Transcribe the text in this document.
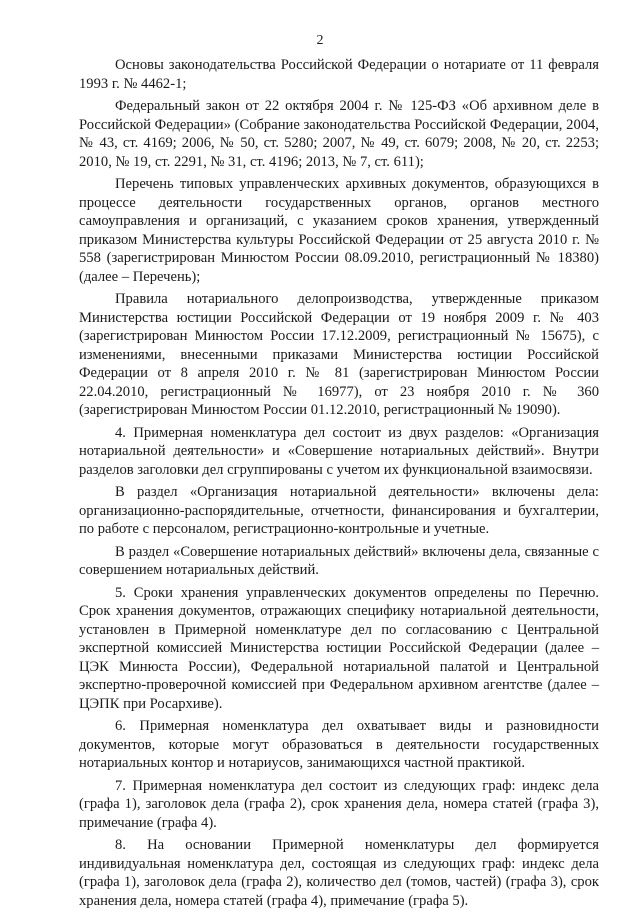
2

Основы законодательства Российской Федерации о нотариате от 11 февраля 1993 г. № 4462-1;

Федеральный закон от 22 октября 2004 г. № 125-ФЗ «Об архивном деле в Российской Федерации» (Собрание законодательства Российской Федерации, 2004, № 43, ст. 4169; 2006, № 50, ст. 5280; 2007, № 49, ст. 6079; 2008, № 20, ст. 2253; 2010, № 19, ст. 2291, № 31, ст. 4196; 2013, № 7, ст. 611);

Перечень типовых управленческих архивных документов, образующихся в процессе деятельности государственных органов, органов местного самоуправления и организаций, с указанием сроков хранения, утвержденный приказом Министерства культуры Российской Федерации от 25 августа 2010 г. № 558 (зарегистрирован Минюстом России 08.09.2010, регистрационный № 18380) (далее – Перечень);

Правила нотариального делопроизводства, утвержденные приказом Министерства юстиции Российской Федерации от 19 ноября 2009 г. № 403 (зарегистрирован Минюстом России 17.12.2009, регистрационный № 15675), с изменениями, внесенными приказами Министерства юстиции Российской Федерации от 8 апреля 2010 г. № 81 (зарегистрирован Минюстом России 22.04.2010, регистрационный № 16977), от 23 ноября 2010 г. № 360 (зарегистрирован Минюстом России 01.12.2010, регистрационный № 19090).

4. Примерная номенклатура дел состоит из двух разделов: «Организация нотариальной деятельности» и «Совершение нотариальных действий». Внутри разделов заголовки дел сгруппированы с учетом их функциональной взаимосвязи.

В раздел «Организация нотариальной деятельности» включены дела: организационно-распорядительные, отчетности, финансирования и бухгалтерии, по работе с персоналом, регистрационно-контрольные и учетные.

В раздел «Совершение нотариальных действий» включены дела, связанные с совершением нотариальных действий.

5. Сроки хранения управленческих документов определены по Перечню. Срок хранения документов, отражающих специфику нотариальной деятельности, установлен в Примерной номенклатуре дел по согласованию с Центральной экспертной комиссией Министерства юстиции Российской Федерации (далее – ЦЭК Минюста России), Федеральной нотариальной палатой и Центральной экспертно-проверочной комиссией при Федеральном архивном агентстве (далее – ЦЭПК при Росархиве).

6. Примерная номенклатура дел охватывает виды и разновидности документов, которые могут образоваться в деятельности государственных нотариальных контор и нотариусов, занимающихся частной практикой.

7. Примерная номенклатура дел состоит из следующих граф: индекс дела (графа 1), заголовок дела (графа 2), срок хранения дела, номера статей (графа 3), примечание (графа 4).

8. На основании Примерной номенклатуры дел формируется индивидуальная номенклатура дел, состоящая из следующих граф: индекс дела (графа 1), заголовок дела (графа 2), количество дел (томов, частей) (графа 3), срок хранения дела, номера статей (графа 4), примечание (графа 5).
